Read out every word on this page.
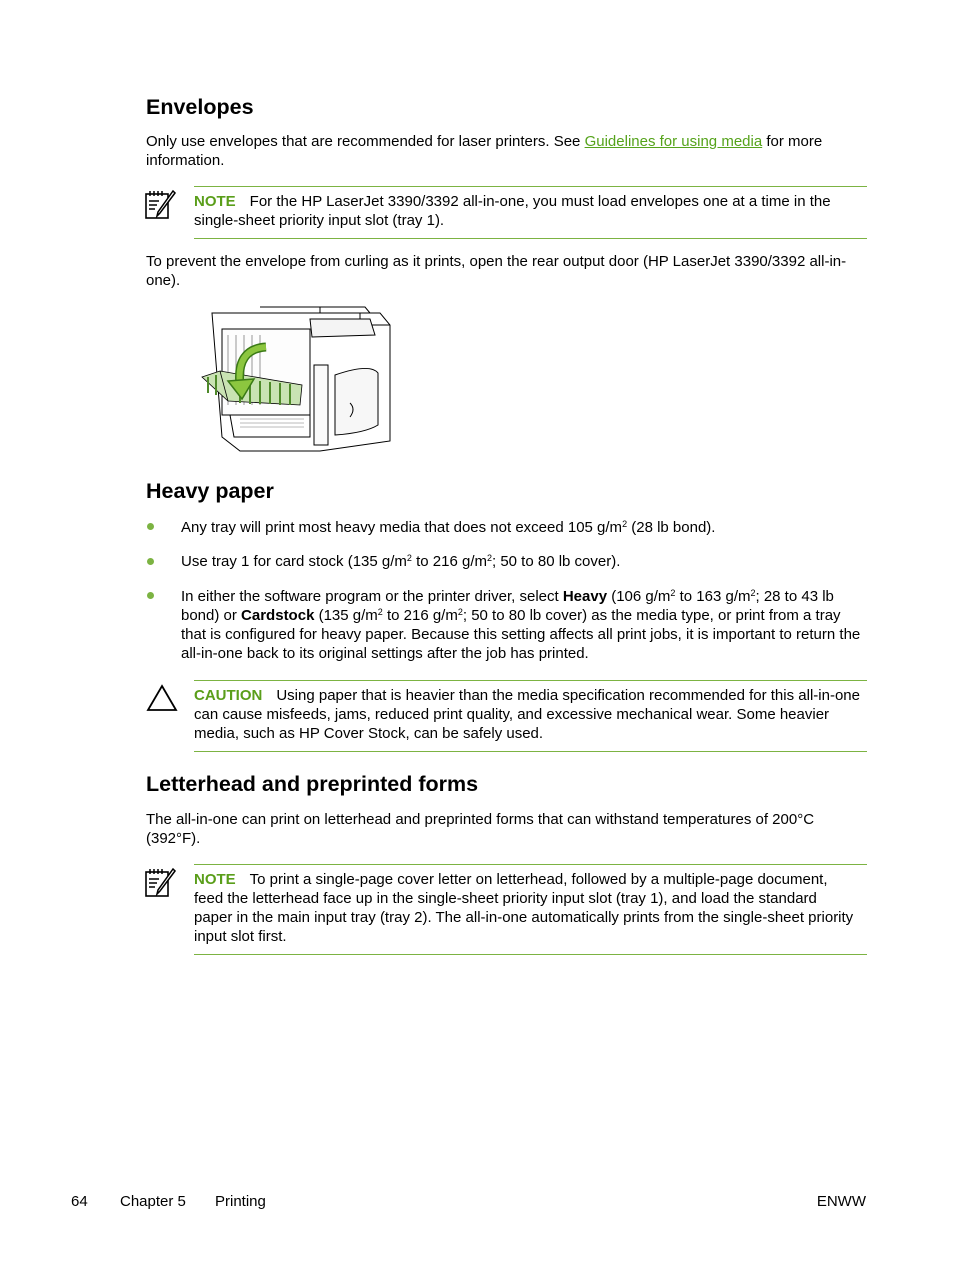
Envelopes

Only use envelopes that are recommended for laser printers. See Guidelines for using media for more information.

NOTE For the HP LaserJet 3390/3392 all-in-one, you must load envelopes one at a time in the single-sheet priority input slot (tray 1).

To prevent the envelope from curling as it prints, open the rear output door (HP LaserJet 3390/3392 all-in-one).

Heavy paper

Any tray will print most heavy media that does not exceed 105 $g/m^2$ (28 lb bond).

Use tray 1 for card stock (135 $g/m^2$ to 216 $g/m^2$; 50 to 80 lb cover).

In either the software program or the printer driver, select Heavy (106 $g/m^2$ to 163 $g/m^2$; 28 to 43 lb bond) or Cardstock (135 $g/m^2$ to 216 $g/m^2$; 50 to 80 lb cover) as the media type, or print from a tray that is configured for heavy paper. Because this setting affects all print jobs, it is important to return the all-in-one back to its original settings after the job has printed.

CAUTION Using paper that is heavier than the media specification recommended for this all-in-one can cause misfeeds, jams, reduced print quality, and excessive mechanical wear. Some heavier media, such as HP Cover Stock, can be safely used.

Letterhead and preprinted forms

The all-in-one can print on letterhead and preprinted forms that can withstand temperatures of 200°C (392°F).

NOTE To print a single-page cover letter on letterhead, followed by a multiple-page document, feed the letterhead face up in the single-sheet priority input slot (tray 1), and load the standard paper in the main input tray (tray 2). The all-in-one automatically prints from the single-sheet priority input slot first.

64 Chapter 5 Printing	ENWW
